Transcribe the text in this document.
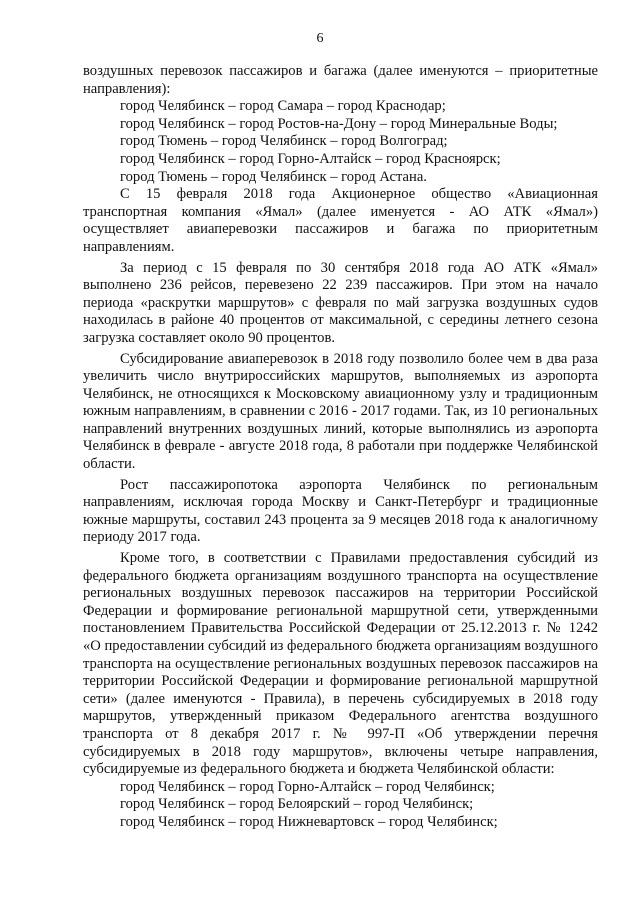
6

воздушных перевозок пассажиров и багажа (далее именуются – приоритетные направления):

город Челябинск – город Самара – город Краснодар;

город Челябинск – город Ростов-на-Дону – город Минеральные Воды;

город Тюмень – город Челябинск – город Волгоград;

город Челябинск – город Горно-Алтайск – город Красноярск;

город Тюмень – город Челябинск – город Астана.

С 15 февраля 2018 года Акционерное общество «Авиационная транспортная компания «Ямал» (далее именуется - АО АТК «Ямал») осуществляет авиаперевозки пассажиров и багажа по приоритетным направлениям.

За период с 15 февраля по 30 сентября 2018 года АО АТК «Ямал» выполнено 236 рейсов, перевезено 22 239 пассажиров. При этом на начало периода «раскрутки маршрутов» с февраля по май загрузка воздушных судов находилась в районе 40 процентов от максимальной, с середины летнего сезона загрузка составляет около 90 процентов.

Субсидирование авиаперевозок в 2018 году позволило более чем в два раза увеличить число внутрироссийских маршрутов, выполняемых из аэропорта Челябинск, не относящихся к Московскому авиационному узлу и традиционным южным направлениям, в сравнении с 2016 - 2017 годами. Так, из 10 региональных направлений внутренних воздушных линий, которые выполнялись из аэропорта Челябинск в феврале - августе 2018 года, 8 работали при поддержке Челябинской области.

Рост пассажиропотока аэропорта Челябинск по региональным направлениям, исключая города Москву и Санкт-Петербург и традиционные южные маршруты, составил 243 процента за 9 месяцев 2018 года к аналогичному периоду 2017 года.

Кроме того, в соответствии с Правилами предоставления субсидий из федерального бюджета организациям воздушного транспорта на осуществление региональных воздушных перевозок пассажиров на территории Российской Федерации и формирование региональной маршрутной сети, утвержденными постановлением Правительства Российской Федерации от 25.12.2013 г. № 1242 «О предоставлении субсидий из федерального бюджета организациям воздушного транспорта на осуществление региональных воздушных перевозок пассажиров на территории Российской Федерации и формирование региональной маршрутной сети» (далее именуются - Правила), в перечень субсидируемых в 2018 году маршрутов, утвержденный приказом Федерального агентства воздушного транспорта от 8 декабря 2017 г. № 997-П «Об утверждении перечня субсидируемых в 2018 году маршрутов», включены четыре направления, субсидируемые из федерального бюджета и бюджета Челябинской области:

город Челябинск – город Горно-Алтайск – город Челябинск;

город Челябинск – город Белоярский – город Челябинск;

город Челябинск – город Нижневартовск – город Челябинск;
